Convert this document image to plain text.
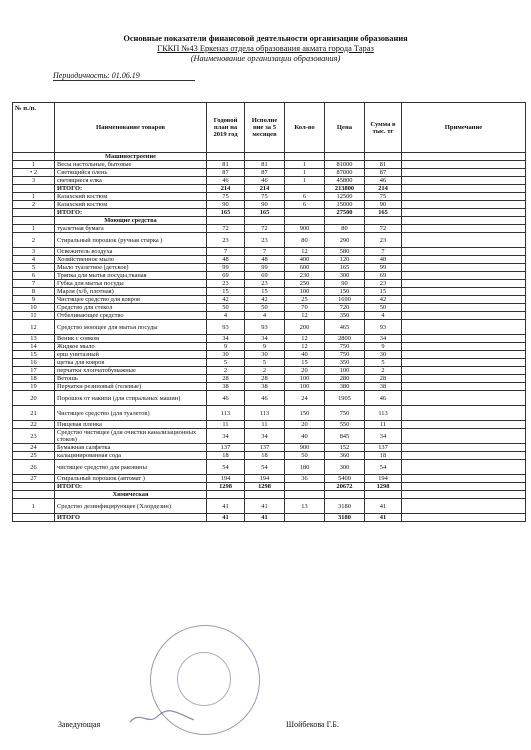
Основные показатели финансовой деятельности организации образования
ГККП №43 Еркеназ отдела образования акмата города Тараз
(Наименование организации образования)
Периодичность: 01.06.19
№ п./п.	Наименование товаров	Годовой план на 2019 год	Исполне ние за 5 месяцев	Кол-во	Цена	Сумма в тыс. тг	Примечание
	Машиностроение						
1	Весы настольные, бытовые	81	81	1	81000	81	
• 2	Светящийся олень	87	87	1	87000	87	
3	светящиеся елка	46	46	1	45800	46	
	ИТОГО:	214	214		213800	214	
1	Казахский костюм	75	75	6	12500	75	
2	Казахский костюм	90	90	6	15000	90	
	ИТОГО:	165	165		27500	165	
	Моющие средства						
1	туалетная бумага	72	72	900	80	72	
2	Стиральный порошок (ручная стирка )	23	23	80	290	23	
3	Освежитель воздуха	7	7	12	580	7	
4	Хозяйственное мыло	48	48	400	120	48	
5	Мыло туалетное (детское)	99	99	600	165	99	
6	Тряпка для мытья посуды,тканая	69	69	230	300	69	
7	Губка для мытья посуды	23	23	250	90	23	
8	Марля (х/б, плотная)	15	15	100	150	15	
9	Чистящее средство для ковров	42	42	25	1690	42	
10	Средство для стекол	50	50	70	720	50	
11	Отбеливающее средство	4	4	12	350	4	
12	Средство моющее для мытья посуды	93	93	200	465	93	
13	Веник с совком	34	34	12	2800	34	
14	Жидкое мыло	9	9	12	750	9	
15	ерш унитазный	30	30	40	750	30	
16	щетка для ковров	5	5	15	350	5	
17	перчатки хлопчатобумажные	2	2	20	100	2	
18	Ветошь	28	28	100	280	28	
19	Перчатки резиновый (гелевые)	38	38	100	380	38	
20	Порошок от накипи (для стиральных машин)	46	46	24	1905	46	
21	Чистящее средство (для туалетов)	113	113	150	750	113	
22	Пищевая пленка	11	11	20	550	11	
23	Средство чистящее (для очистки канализационных стоков)	34	34	40	845	34	
24	Бумажная салфетка	137	137	900	152	137	
25	кальцинированная сода	18	18	50	360	18	
26	чистящее средство для раковины	54	54	180	300	54	
27	Стиральный порошок (автомат )	194	194	36	5400	194	
	ИТОГО:	1298	1298		20672	1298	
	Химическая						
1	Средство дезинфицирующее (Хлордезин)	41	41	13	3180	41	
	ИТОГО	41	41		3180	41	
Заведующая	Шойбекова Г.Б.
